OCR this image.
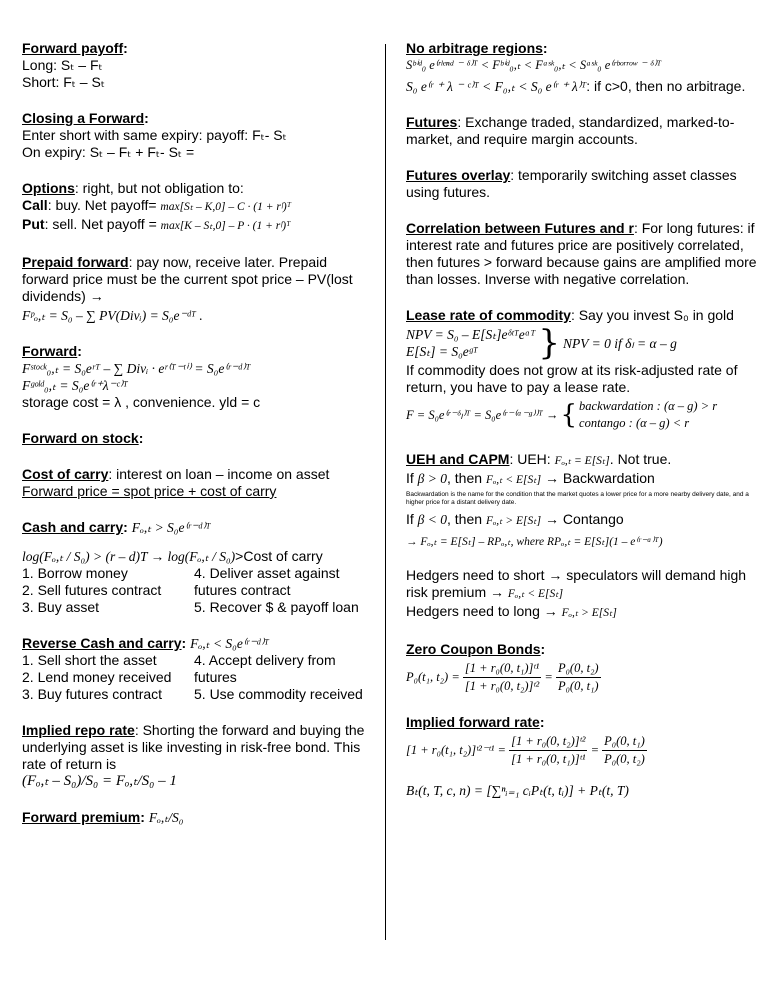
Forward payoff:
Long: Sₜ – Fₜ
Short: Fₜ – Sₜ
Closing a Forward:
Enter short with same expiry: payoff: Fₜ- Sₜ
On expiry: Sₜ – Fₜ + Fₜ- Sₜ =
Options: right, but not obligation to:
Call: buy. Net payoff= max[Sₜ – K,0] – C · (1 + rᶠ)ᵀ
Put: sell. Net payoff = max[K – Sₜ,0] – P · (1 + rᶠ)ᵀ
Prepaid forward: pay now, receive later. Prepaid forward price must be the current spot price – PV(lost dividends) →
Fᵖₒ,ₜ = S₀ – ∑ PV(Divᵢ) = S₀e⁻ᵈᵀ .
Forward:
Fˢᵗᵒᶜᵏ₀,ₜ = S₀eʳᵀ – ∑ Divᵢ · eʳ⁽ᵀ⁻ᵗⁱ⁾ = S₀e⁽ʳ⁻ᵈ⁾ᵀ
Fᵍᵒˡᵈ₀,ₜ = S₀e⁽ʳ⁺λ⁻ᶜ⁾ᵀ
storage cost = λ , convenience. yld = c
Forward on stock:
Cost of carry: interest on loan – income on asset
Forward price = spot price + cost of carry
Cash and carry: Fₒ,ₜ > S₀e⁽ʳ⁻ᵈ⁾ᵀ
log(Fₒ,ₜ / S₀) > (r – d)T → log(Fₒ,ₜ / S₀)>Cost of carry
1. Borrow money
2. Sell futures contract
3. Buy asset
4. Deliver asset against futures contract
5. Recover $ & payoff loan
Reverse Cash and carry: Fₒ,ₜ < S₀e⁽ʳ⁻ᵈ⁾ᵀ
1. Sell short the asset
2. Lend money received
3. Buy futures contract
4. Accept delivery from futures
5. Use commodity received
Implied repo rate: Shorting the forward and buying the underlying asset is like investing in risk-free bond. This rate of return is
(Fₒ,ₜ – S₀)/S₀ = Fₒ,ₜ/S₀ – 1
Forward premium: Fₒ,ₜ/S₀
No arbitrage regions:
Sᵇⁱᵈ₀ e⁽ʳˡᵉⁿᵈ ⁻ ᵟ⁾ᵀ < Fᵇⁱᵈ₀,ₜ < Fᵃˢᵏ₀,ₜ < Sᵃˢᵏ₀ e⁽ʳᵇᵒʳʳᵒʷ ⁻ ᵟ⁾ᵀ
S₀ e⁽ʳ ⁺ λ ⁻ ᶜ⁾ᵀ < F₀,ₜ < S₀ e⁽ʳ ⁺ λ⁾ᵀ: if c>0, then no arbitrage.
Futures: Exchange traded, standardized, marked-to-market, and require margin accounts.
Futures overlay: temporarily switching asset classes using futures.
Correlation between Futures and r: For long futures: if interest rate and futures price are positively correlated, then futures > forward because gains are amplified more than losses. Inverse with negative correlation.
Lease rate of commodity: Say you invest S₀ in gold
NPV = S₀ – E[Sₜ]eᵟᵗᵀeᵅᵀ
E[Sₜ] = S₀eᵍᵀ	} NPV = 0 if δₗ = α – g
If commodity does not grow at its risk-adjusted rate of return, you have to pay a lease rate.
F = S₀e⁽ʳ⁻ᵟₗ⁾ᵀ = S₀e⁽ʳ⁻⁽ᵅ⁻ᵍ⁾⁾ᵀ → { backwardation : (α – g) > r
contango : (α – g) < r
UEH and CAPM: UEH: Fₒ,ₜ = E[Sₜ]. Not true.
If β > 0, then Fₒ,ₜ < E[Sₜ] → Backwardation
Backwardation is the name for the condition that the market quotes a lower price for a more nearby delivery date, and a higher price for a distant delivery date.
If β < 0, then Fₒ,ₜ > E[Sₜ] → Contango
→ Fₒ,ₜ = E[Sₜ] – RPₒ,ₜ, where RPₒ,ₜ = E[Sₜ](1 – e⁽ʳ⁻ᵅ⁾ᵀ)
Hedgers need to short → speculators will demand high risk premium → Fₒ,ₜ < E[Sₜ]
Hedgers need to long → Fₒ,ₜ > E[Sₜ]
Zero Coupon Bonds:
P₀(t₁, t₂) =
$\frac{\text{[1 + r₀(0, t₁)]ᵗ¹}}{\text{[1 + r₀(0, t₂)]ᵗ²}} = \frac{\text{P₀(0, t₂)}}{\text{P₀(0, t₁)}}$
Implied forward rate:
[1 + r₀(t₁, t₂)]ᵗ²⁻ᵗ¹ =
$\frac{\text{[1 + r₀(0, t₂)]ᵗ²}}{\text{[1 + r₀(0, t₁)]ᵗ¹}} = \frac{\text{P₀(0, t₁)}}{\text{P₀(0, t₂)}}$
Bₜ(t, T, c, n) = [∑ⁿᵢ₌₁ cᵢPₜ(t, tᵢ)] + Pₜ(t, T)
